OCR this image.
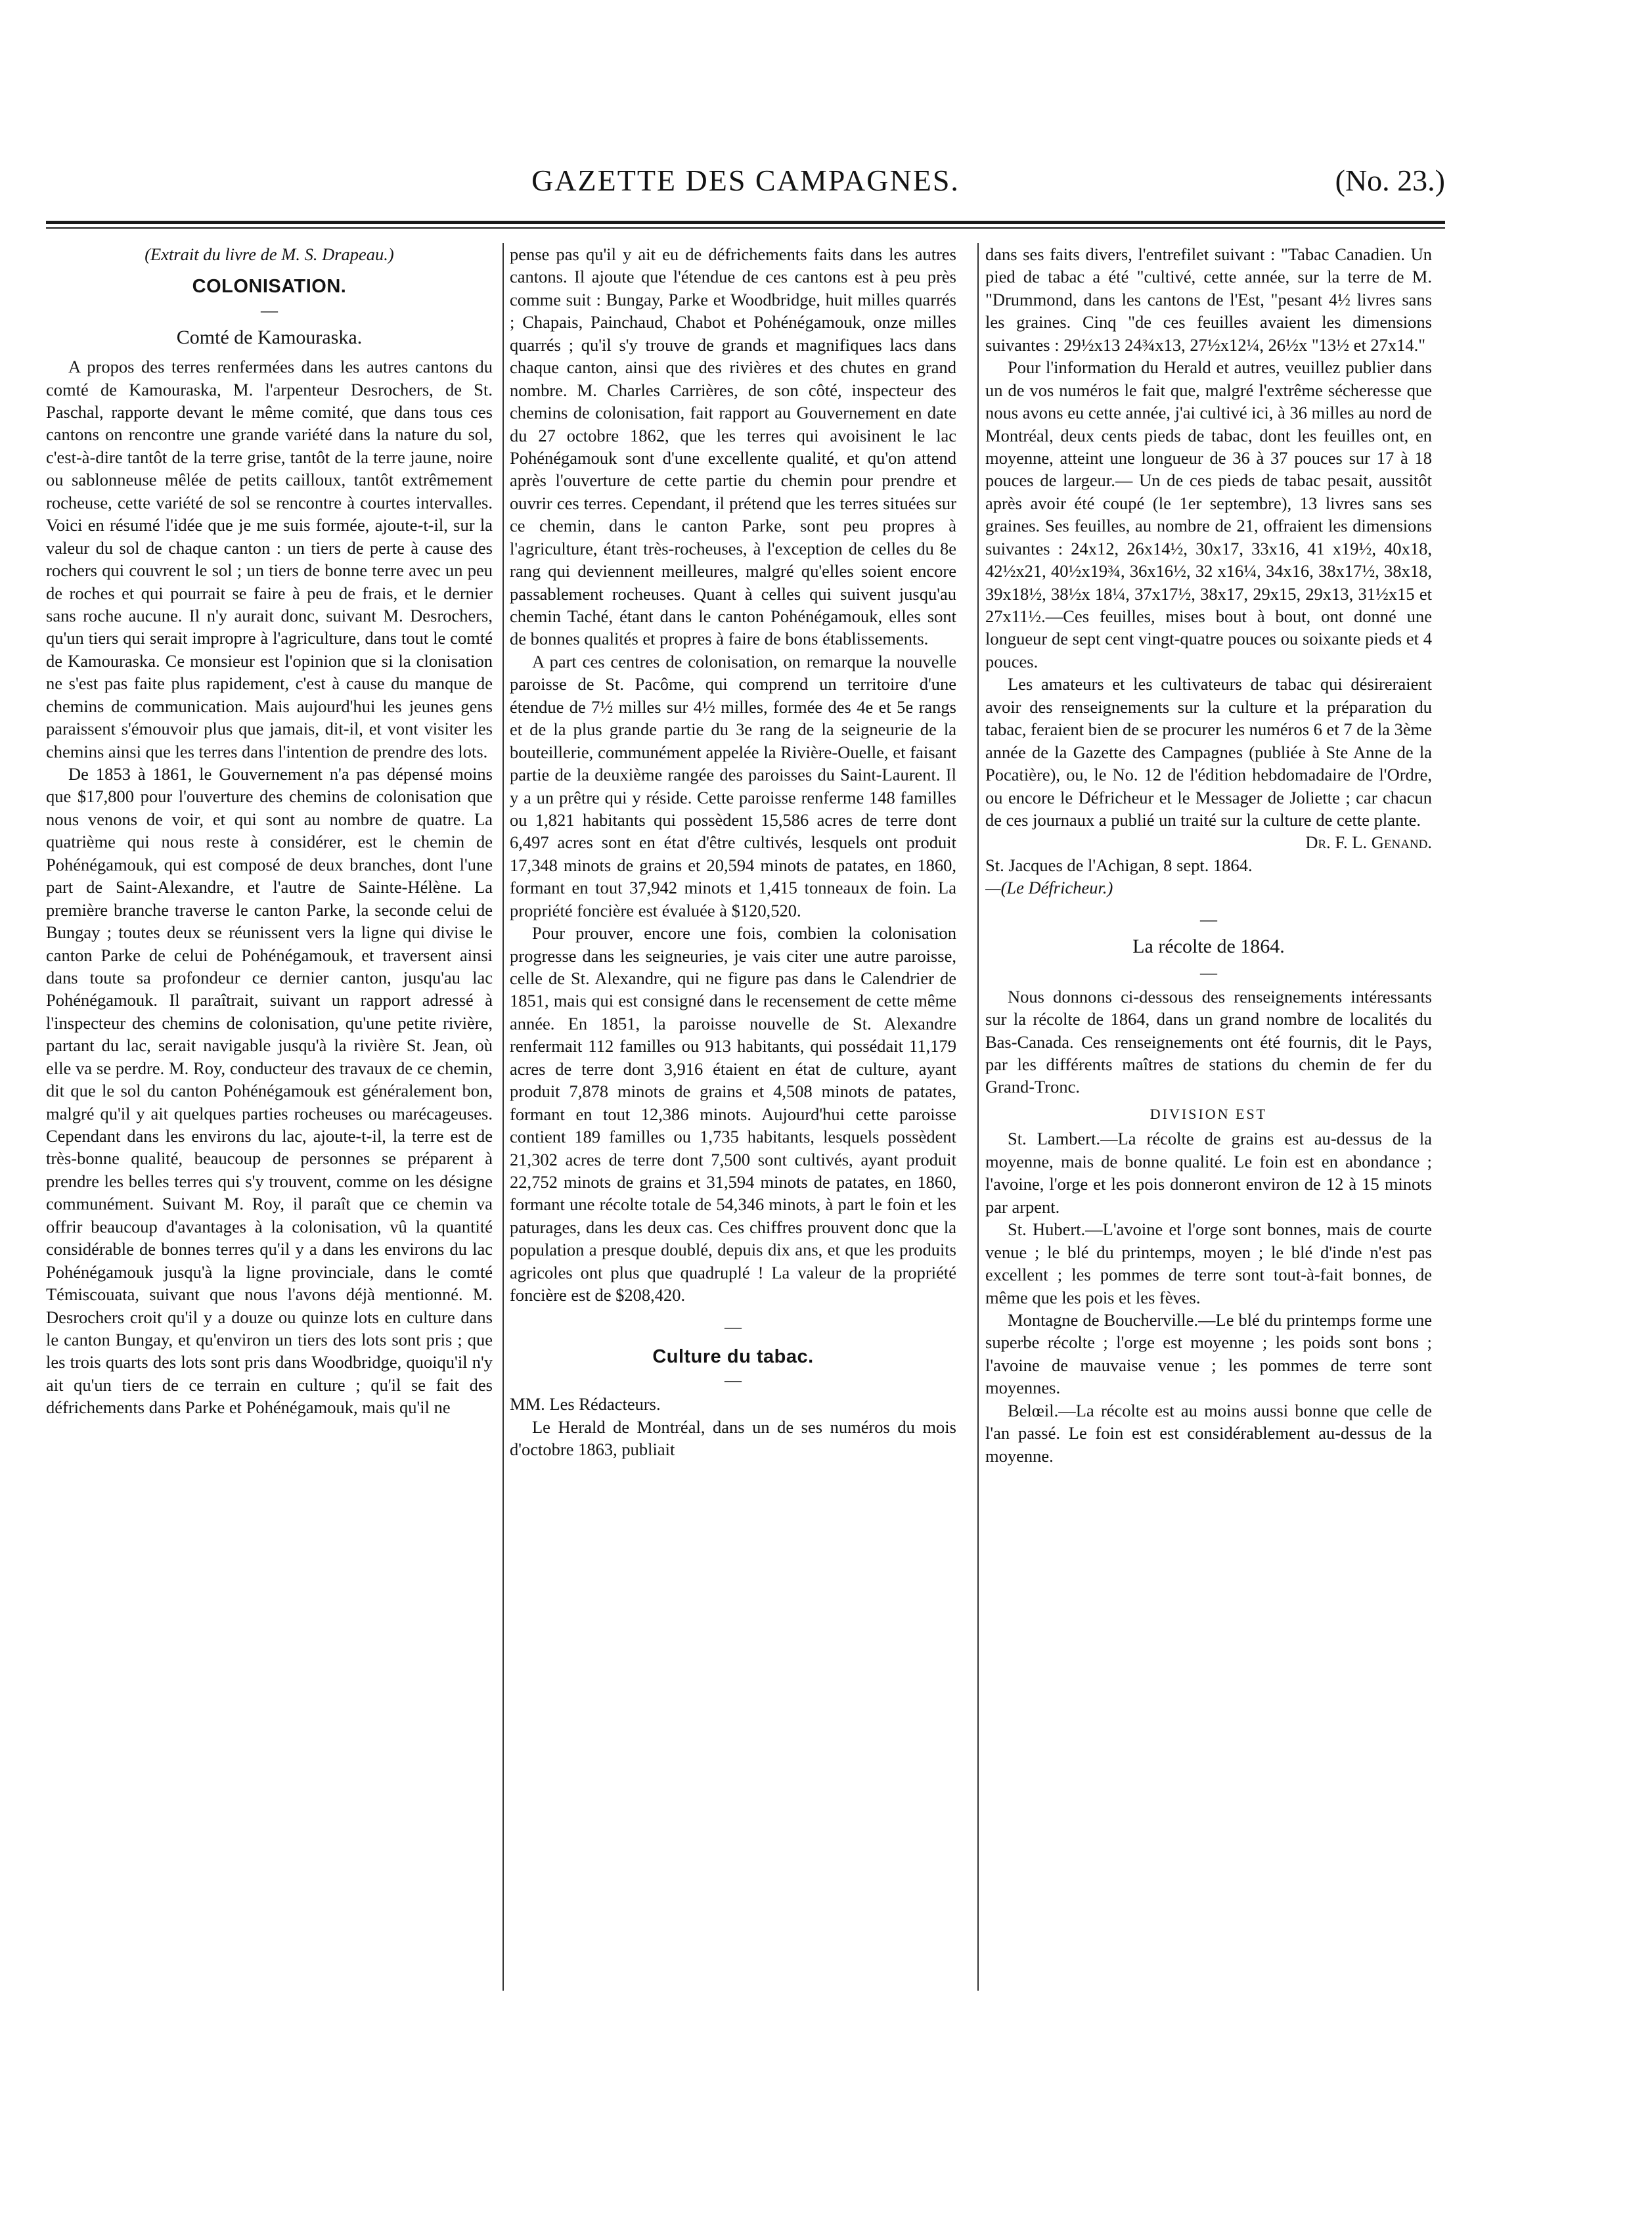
GAZETTE DES CAMPAGNES.	(No. 23.)

(Extrait du livre de M. S. Drapeau.)

COLONISATION.
—
Comté de Kamouraska.

A propos des terres renfermées dans les autres cantons du comté de Kamouraska, M. l'arpenteur Desrochers, de St. Paschal, rapporte devant le même comité, que dans tous ces cantons on rencontre une grande variété dans la nature du sol, c'est-à-dire tantôt de la terre grise, tantôt de la terre jaune, noire ou sablonneuse mêlée de petits cailloux, tantôt extrêmement rocheuse, cette variété de sol se rencontre à courtes intervalles. Voici en résumé l'idée que je me suis formée, ajoute-t-il, sur la valeur du sol de chaque canton : un tiers de perte à cause des rochers qui couvrent le sol ; un tiers de bonne terre avec un peu de roches et qui pourrait se faire à peu de frais, et le dernier sans roche aucune. Il n'y aurait donc, suivant M. Desrochers, qu'un tiers qui serait impropre à l'agriculture, dans tout le comté de Kamouraska. Ce monsieur est l'opinion que si la clonisation ne s'est pas faite plus rapidement, c'est à cause du manque de chemins de communication. Mais aujourd'hui les jeunes gens paraissent s'émouvoir plus que jamais, dit-il, et vont visiter les chemins ainsi que les terres dans l'intention de prendre des lots.

De 1853 à 1861, le Gouvernement n'a pas dépensé moins que $17,800 pour l'ouverture des chemins de colonisation que nous venons de voir, et qui sont au nombre de quatre. La quatrième qui nous reste à considérer, est le chemin de Pohénégamouk, qui est composé de deux branches, dont l'une part de Saint-Alexandre, et l'autre de Sainte-Hélène. La première branche traverse le canton Parke, la seconde celui de Bungay ; toutes deux se réunissent vers la ligne qui divise le canton Parke de celui de Pohénégamouk, et traversent ainsi dans toute sa profondeur ce dernier canton, jusqu'au lac Pohénégamouk. Il paraîtrait, suivant un rapport adressé à l'inspecteur des chemins de colonisation, qu'une petite rivière, partant du lac, serait navigable jusqu'à la rivière St. Jean, où elle va se perdre. M. Roy, conducteur des travaux de ce chemin, dit que le sol du canton Pohénégamouk est généralement bon, malgré qu'il y ait quelques parties rocheuses ou marécageuses. Cependant dans les environs du lac, ajoute-t-il, la terre est de très-bonne qualité, beaucoup de personnes se préparent à prendre les belles terres qui s'y trouvent, comme on les désigne communément. Suivant M. Roy, il paraît que ce chemin va offrir beaucoup d'avantages à la colonisation, vû la quantité considérable de bonnes terres qu'il y a dans les environs du lac Pohénégamouk jusqu'à la ligne provinciale, dans le comté Témiscouata, suivant que nous l'avons déjà mentionné. M. Desrochers croit qu'il y a douze ou quinze lots en culture dans le canton Bungay, et qu'environ un tiers des lots sont pris ; que les trois quarts des lots sont pris dans Woodbridge, quoiqu'il n'y ait qu'un tiers de ce terrain en culture ; qu'il se fait des défrichements dans Parke et Pohénégamouk, mais qu'il ne

pense pas qu'il y ait eu de défrichements faits dans les autres cantons. Il ajoute que l'étendue de ces cantons est à peu près comme suit : Bungay, Parke et Woodbridge, huit milles quarrés ; Chapais, Painchaud, Chabot et Pohénégamouk, onze milles quarrés ; qu'il s'y trouve de grands et magnifiques lacs dans chaque canton, ainsi que des rivières et des chutes en grand nombre. M. Charles Carrières, de son côté, inspecteur des chemins de colonisation, fait rapport au Gouvernement en date du 27 octobre 1862, que les terres qui avoisinent le lac Pohénégamouk sont d'une excellente qualité, et qu'on attend après l'ouverture de cette partie du chemin pour prendre et ouvrir ces terres. Cependant, il prétend que les terres situées sur ce chemin, dans le canton Parke, sont peu propres à l'agriculture, étant très-rocheuses, à l'exception de celles du 8e rang qui deviennent meilleures, malgré qu'elles soient encore passablement rocheuses. Quant à celles qui suivent jusqu'au chemin Taché, étant dans le canton Pohénégamouk, elles sont de bonnes qualités et propres à faire de bons établissements.

A part ces centres de colonisation, on remarque la nouvelle paroisse de St. Pacôme, qui comprend un territoire d'une étendue de 7½ milles sur 4½ milles, formée des 4e et 5e rangs et de la plus grande partie du 3e rang de la seigneurie de la bouteillerie, communément appelée la Rivière-Ouelle, et faisant partie de la deuxième rangée des paroisses du Saint-Laurent. Il y a un prêtre qui y réside. Cette paroisse renferme 148 familles ou 1,821 habitants qui possèdent 15,586 acres de terre dont 6,497 acres sont en état d'être cultivés, lesquels ont produit 17,348 minots de grains et 20,594 minots de patates, en 1860, formant en tout 37,942 minots et 1,415 tonneaux de foin. La propriété foncière est évaluée à $120,520.

Pour prouver, encore une fois, combien la colonisation progresse dans les seigneuries, je vais citer une autre paroisse, celle de St. Alexandre, qui ne figure pas dans le Calendrier de 1851, mais qui est consigné dans le recensement de cette même année. En 1851, la paroisse nouvelle de St. Alexandre renfermait 112 familles ou 913 habitants, qui possédait 11,179 acres de terre dont 3,916 étaient en état de culture, ayant produit 7,878 minots de grains et 4,508 minots de patates, formant en tout 12,386 minots. Aujourd'hui cette paroisse contient 189 familles ou 1,735 habitants, lesquels possèdent 21,302 acres de terre dont 7,500 sont cultivés, ayant produit 22,752 minots de grains et 31,594 minots de patates, en 1860, formant une récolte totale de 54,346 minots, à part le foin et les paturages, dans les deux cas. Ces chiffres prouvent donc que la population a presque doublé, depuis dix ans, et que les produits agricoles ont plus que quadruplé ! La valeur de la propriété foncière est de $208,420.

—
Culture du tabac.
—

MM. Les Rédacteurs.

Le Herald de Montréal, dans un de ses numéros du mois d'octobre 1863, publiait

dans ses faits divers, l'entrefilet suivant : "Tabac Canadien. Un pied de tabac a été "cultivé, cette année, sur la terre de M. "Drummond, dans les cantons de l'Est, "pesant 4½ livres sans les graines. Cinq "de ces feuilles avaient les dimensions suivantes : 29½x13 24¾x13, 27½x12¼, 26½x "13½ et 27x14."

Pour l'information du Herald et autres, veuillez publier dans un de vos numéros le fait que, malgré l'extrême sécheresse que nous avons eu cette année, j'ai cultivé ici, à 36 milles au nord de Montréal, deux cents pieds de tabac, dont les feuilles ont, en moyenne, atteint une longueur de 36 à 37 pouces sur 17 à 18 pouces de largeur.— Un de ces pieds de tabac pesait, aussitôt après avoir été coupé (le 1er septembre), 13 livres sans ses graines. Ses feuilles, au nombre de 21, offraient les dimensions suivantes : 24x12, 26x14½, 30x17, 33x16, 41 x19½, 40x18, 42½x21, 40½x19¾, 36x16½, 32 x16¼, 34x16, 38x17½, 38x18, 39x18½, 38½x 18¼, 37x17½, 38x17, 29x15, 29x13, 31½x15 et 27x11½.—Ces feuilles, mises bout à bout, ont donné une longueur de sept cent vingt-quatre pouces ou soixante pieds et 4 pouces.

Les amateurs et les cultivateurs de tabac qui désireraient avoir des renseignements sur la culture et la préparation du tabac, feraient bien de se procurer les numéros 6 et 7 de la 3ème année de la Gazette des Campagnes (publiée à Ste Anne de la Pocatière), ou, le No. 12 de l'édition hebdomadaire de l'Ordre, ou encore le Défricheur et le Messager de Joliette ; car chacun de ces journaux a publié un traité sur la culture de cette plante.

Dr. F. L. Genand.

St. Jacques de l'Achigan, 8 sept. 1864.

—(Le Défricheur.)

—
La récolte de 1864.
—

Nous donnons ci-dessous des renseignements intéressants sur la récolte de 1864, dans un grand nombre de localités du Bas-Canada. Ces renseignements ont été fournis, dit le Pays, par les différents maîtres de stations du chemin de fer du Grand-Tronc.

DIVISION EST

St. Lambert.—La récolte de grains est au-dessus de la moyenne, mais de bonne qualité. Le foin est en abondance ; l'avoine, l'orge et les pois donneront environ de 12 à 15 minots par arpent.

St. Hubert.—L'avoine et l'orge sont bonnes, mais de courte venue ; le blé du printemps, moyen ; le blé d'inde n'est pas excellent ; les pommes de terre sont tout-à-fait bonnes, de même que les pois et les fèves.

Montagne de Boucherville.—Le blé du printemps forme une superbe récolte ; l'orge est moyenne ; les poids sont bons ; l'avoine de mauvaise venue ; les pommes de terre sont moyennes.

Belœil.—La récolte est au moins aussi bonne que celle de l'an passé. Le foin est est considérablement au-dessus de la moyenne.
